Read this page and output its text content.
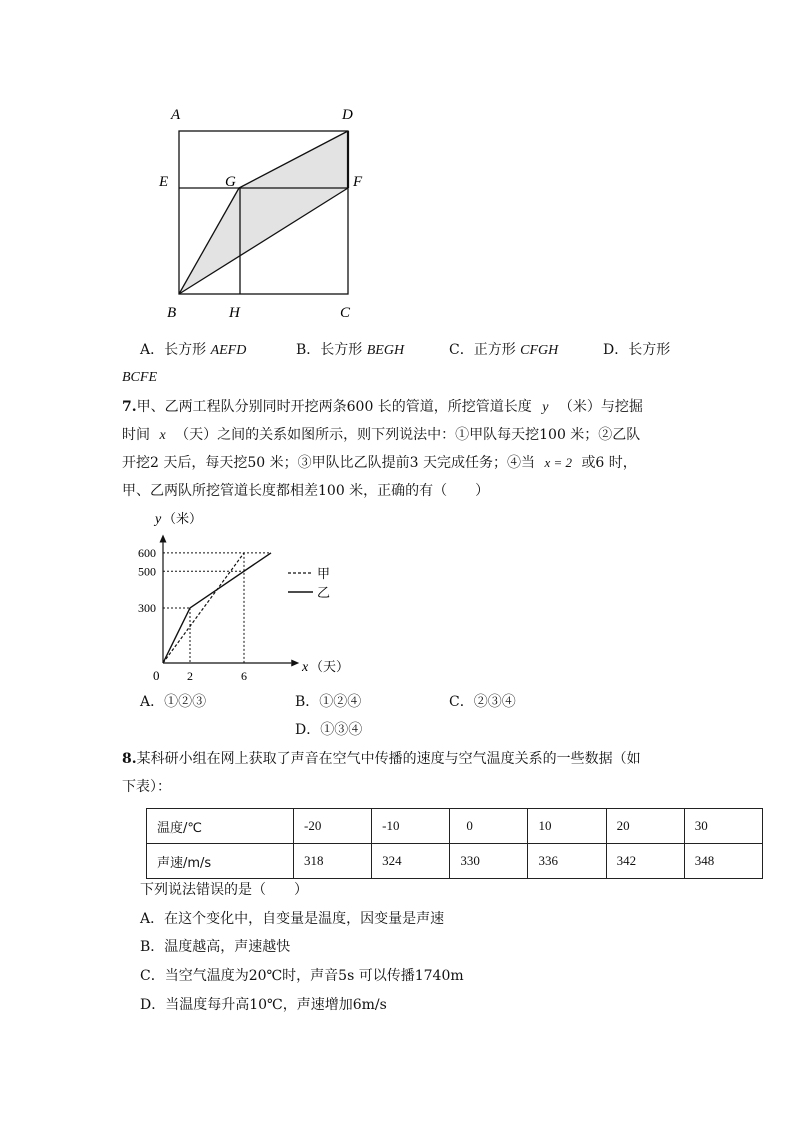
A	D
E	G	F
B	H	C
A．长方形 AEFD	B．长方形 BEGH	C．正方形 CFGH	D．长方形
BCFE
7.甲、乙两工程队分别同时开挖两条600 长的管道，所挖管道长度 y （米）与挖掘
时间 x （天）之间的关系如图所示，则下列说法中：①甲队每天挖100 米；②乙队
开挖2 天后，每天挖50 米；③甲队比乙队提前3 天完成任务；④当 x = 2 或6 时，
甲、乙两队所挖管道长度都相差100 米，正确的有（　　）
y （米）
x （天）
0
300
500
600
2	6
甲
乙
A．①②③	B．①②④	C．②③④
D．①③④
8.某科研小组在网上获取了声音在空气中传播的速度与空气温度关系的一些数据（如
下表）：
温度/℃	-20	-10	0	10	20	30
声速/m/s	318	324	330	336	342	348
下列说法错误的是（　　）
A．在这个变化中，自变量是温度，因变量是声速
B．温度越高，声速越快
C．当空气温度为20℃时，声音5s 可以传播1740m
D．当温度每升高10℃，声速增加6m/s
